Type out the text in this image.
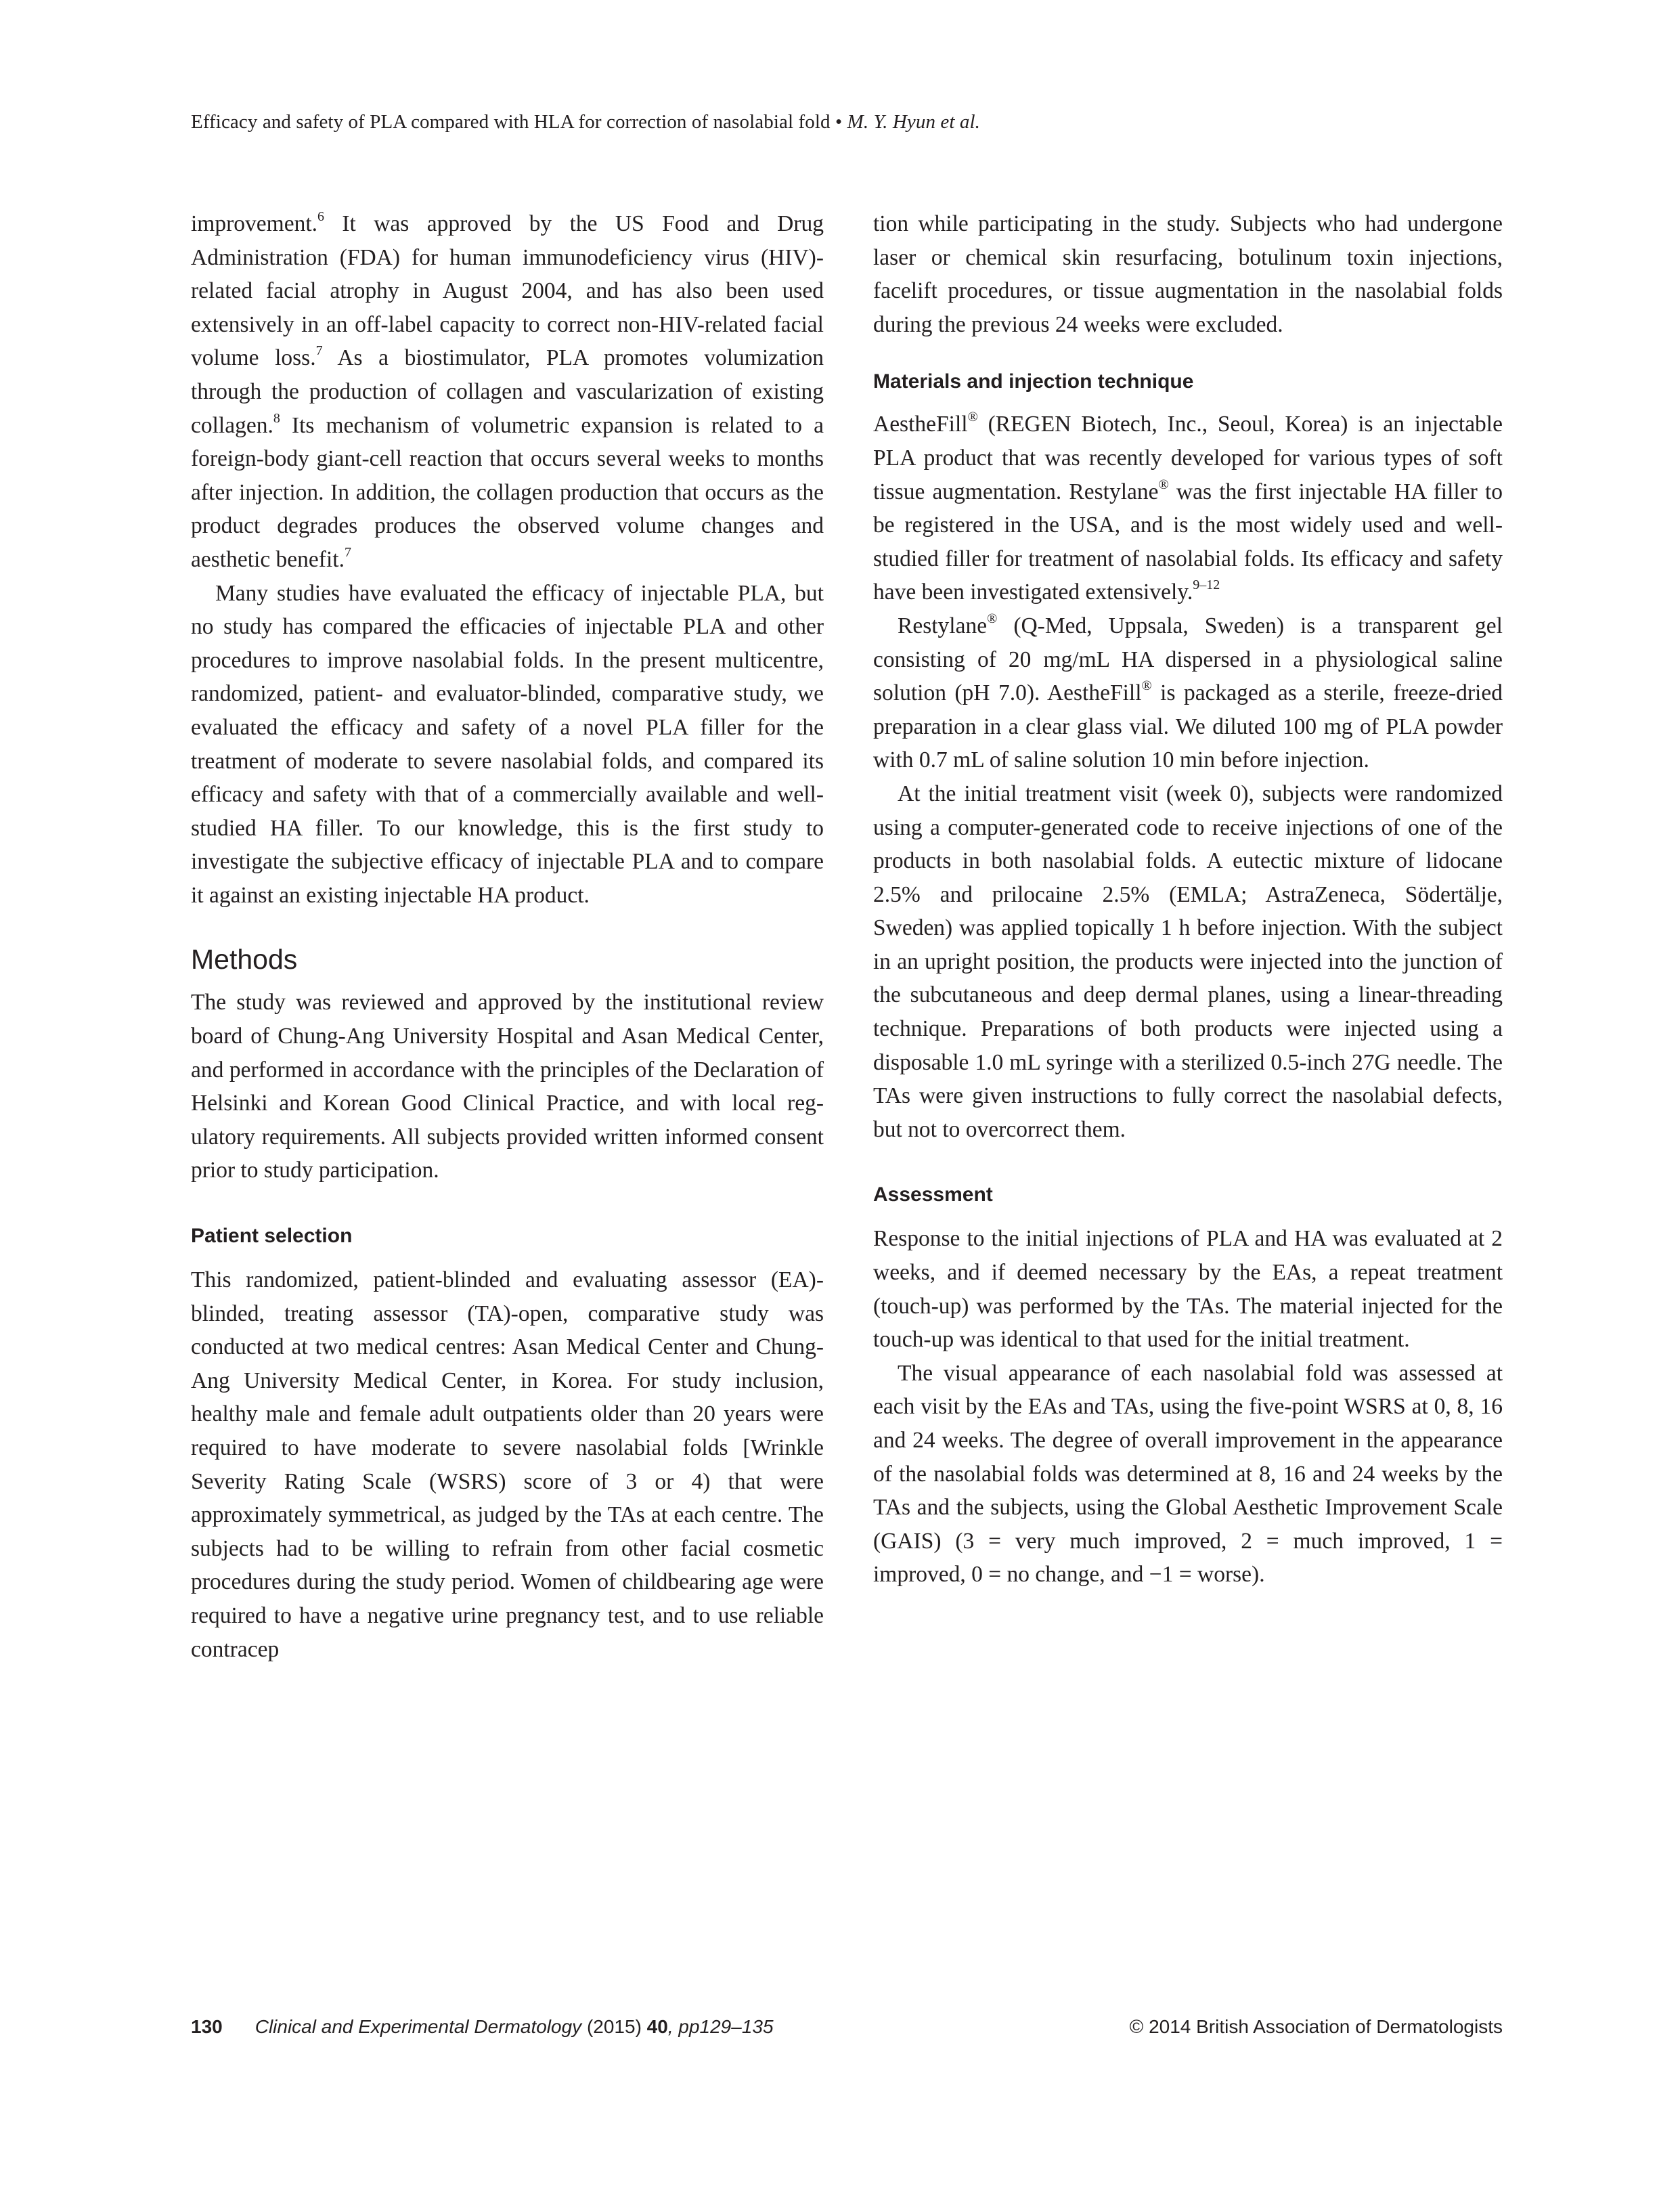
Efficacy and safety of PLA compared with HLA for correction of nasolabial fold • M. Y. Hyun et al.

improvement.$^6$ It was approved by the US Food and Drug Administration (FDA) for human immunodeficiency virus (HIV)-related facial atrophy in August 2004, and has also been used extensively in an off-label capacity to correct non-HIV-related facial volume loss.$^7$ As a biostimulator, PLA promotes volumization through the production of collagen and vascularization of existing collagen.$^8$ Its mechanism of volumetric expansion is related to a foreign-body giant-cell reaction that occurs several weeks to months after injection. In addition, the collagen production that occurs as the product degrades produces the observed volume changes and aesthetic benefit.$^7$

Many studies have evaluated the efficacy of injectable PLA, but no study has compared the efficacies of injectable PLA and other procedures to improve nasolabial folds. In the present multicentre, randomized, patient- and evaluator-blinded, comparative study, we evaluated the efficacy and safety of a novel PLA filler for the treatment of moderate to severe nasolabial folds, and compared its efficacy and safety with that of a commercially available and well-studied HA filler. To our knowledge, this is the first study to investigate the subjective efficacy of injectable PLA and to compare it against an existing injectable HA product.

Methods

The study was reviewed and approved by the institutional review board of Chung-Ang University Hospital and Asan Medical Center, and performed in accordance with the principles of the Declaration of Helsinki and Korean Good Clinical Practice, and with local regulatory requirements. All subjects provided written informed consent prior to study participation.

Patient selection

This randomized, patient-blinded and evaluating assessor (EA)-blinded, treating assessor (TA)-open, comparative study was conducted at two medical centres: Asan Medical Center and Chung-Ang University Medical Center, in Korea. For study inclusion, healthy male and female adult outpatients older than 20 years were required to have moderate to severe nasolabial folds [Wrinkle Severity Rating Scale (WSRS) score of 3 or 4) that were approximately symmetrical, as judged by the TAs at each centre. The subjects had to be willing to refrain from other facial cosmetic procedures during the study period. Women of childbearing age were required to have a negative urine pregnancy test, and to use reliable contracep

tion while participating in the study. Subjects who had undergone laser or chemical skin resurfacing, botulinum toxin injections, facelift procedures, or tissue augmentation in the nasolabial folds during the previous 24 weeks were excluded.

Materials and injection technique

AestheFill® (REGEN Biotech, Inc., Seoul, Korea) is an injectable PLA product that was recently developed for various types of soft tissue augmentation. Restylane® was the first injectable HA filler to be registered in the USA, and is the most widely used and well-studied filler for treatment of nasolabial folds. Its efficacy and safety have been investigated extensively.$^{9-12}$

Restylane® (Q-Med, Uppsala, Sweden) is a transparent gel consisting of 20 mg/mL HA dispersed in a physiological saline solution (pH 7.0). AestheFill® is packaged as a sterile, freeze-dried preparation in a clear glass vial. We diluted 100 mg of PLA powder with 0.7 mL of saline solution 10 min before injection.

At the initial treatment visit (week 0), subjects were randomized using a computer-generated code to receive injections of one of the products in both nasolabial folds. A eutectic mixture of lidocane 2.5% and prilocaine 2.5% (EMLA; AstraZeneca, Södertälje, Sweden) was applied topically 1 h before injection. With the subject in an upright position, the products were injected into the junction of the subcutaneous and deep dermal planes, using a linear-threading technique. Preparations of both products were injected using a disposable 1.0 mL syringe with a sterilized 0.5-inch 27G needle. The TAs were given instructions to fully correct the nasolabial defects, but not to overcorrect them.

Assessment

Response to the initial injections of PLA and HA was evaluated at 2 weeks, and if deemed necessary by the EAs, a repeat treatment (touch-up) was performed by the TAs. The material injected for the touch-up was identical to that used for the initial treatment.

The visual appearance of each nasolabial fold was assessed at each visit by the EAs and TAs, using the five-point WSRS at 0, 8, 16 and 24 weeks. The degree of overall improvement in the appearance of the nasolabial folds was determined at 8, 16 and 24 weeks by the TAs and the subjects, using the Global Aesthetic Improvement Scale (GAIS) (3 = very much improved, 2 = much improved, 1 = improved, 0 = no change, and −1 = worse).

130 Clinical and Experimental Dermatology (2015) 40, pp129–135	© 2014 British Association of Dermatologists
